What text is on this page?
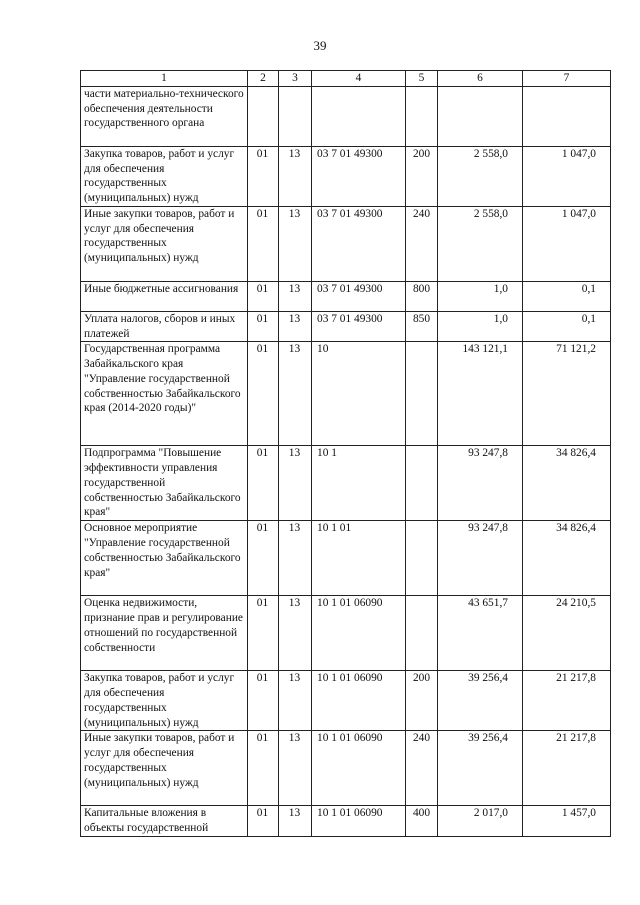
39
1	2	3	4	5	6	7
части материально-технического обеспечения деятельности государственного органа						
Закупка товаров, работ и услуг для обеспечения государственных (муниципальных) нужд	01	13	03 7 01 49300	200	2 558,0	1 047,0
Иные закупки товаров, работ и услуг для обеспечения государственных (муниципальных) нужд	01	13	03 7 01 49300	240	2 558,0	1 047,0
Иные бюджетные ассигнования	01	13	03 7 01 49300	800	1,0	0,1
Уплата налогов, сборов и иных платежей	01	13	03 7 01 49300	850	1,0	0,1
Государственная программа Забайкальского края "Управление государственной собственностью Забайкальского края (2014-2020 годы)"	01	13	10		143 121,1	71 121,2
Подпрограмма "Повышение эффективности управления государственной собственностью Забайкальского края"	01	13	10 1		93 247,8	34 826,4
Основное мероприятие "Управление государственной собственностью Забайкальского края"	01	13	10 1 01		93 247,8	34 826,4
Оценка недвижимости, признание прав и регулирование отношений по государственной собственности	01	13	10 1 01 06090		43 651,7	24 210,5
Закупка товаров, работ и услуг для обеспечения государственных (муниципальных) нужд	01	13	10 1 01 06090	200	39 256,4	21 217,8
Иные закупки товаров, работ и услуг для обеспечения государственных (муниципальных) нужд	01	13	10 1 01 06090	240	39 256,4	21 217,8
Капитальные вложения в объекты государственной	01	13	10 1 01 06090	400	2 017,0	1 457,0
